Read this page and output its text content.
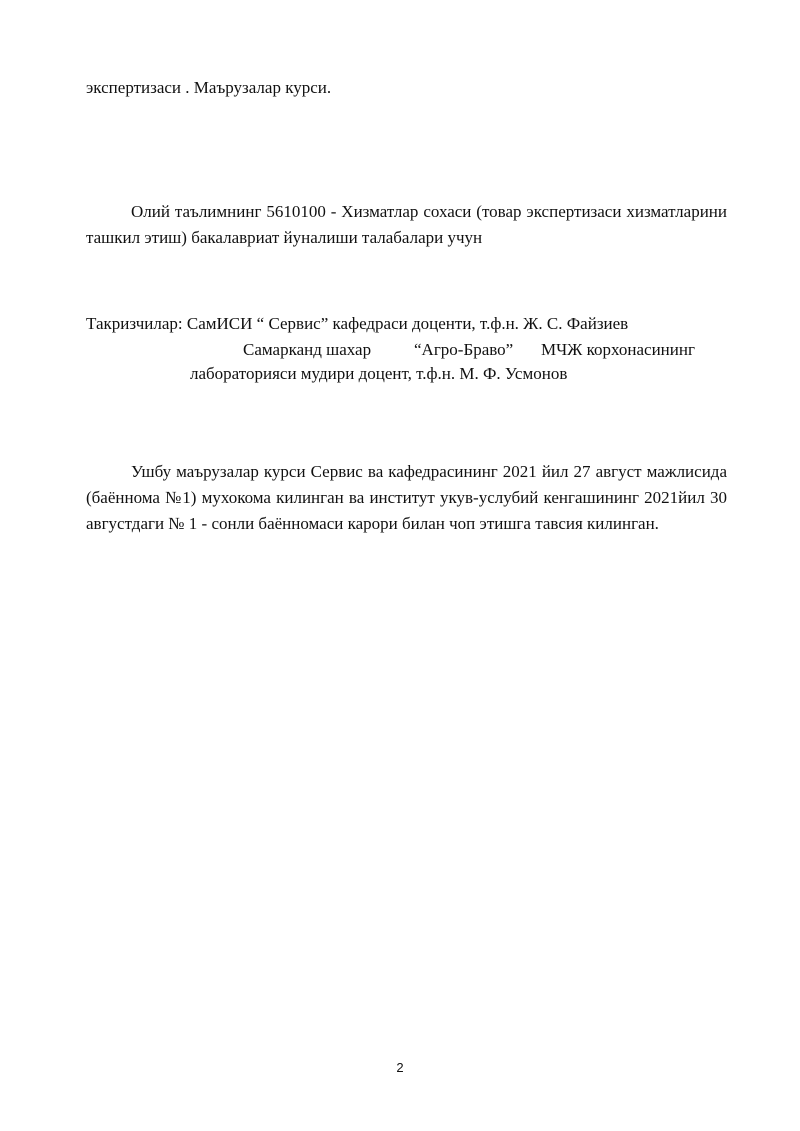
экспертизаси . Маърузалар курси.
Олий таълимнинг 5610100 - Хизматлар сохаси (товар экспертизаси хизматларини ташкил этиш) бакалавриат йуналиши талабалари учун
Такризчилар: СамИСИ “ Сервис” кафедраси доценти, т.ф.н. Ж. С. Файзиев
Самарканд шахар	“Агро-Браво” МЧЖ корхонасининг
лабораторияси мудири доцент, т.ф.н. М. Ф. Усмонов
Ушбу маърузалар курси Сервис ва кафедрасининг 2021 йил 27 август мажлисида (баённома №1) мухокома килинган ва институт укув-услубий кенгашининг 2021йил 30 августдаги № 1 - сонли баённомаси карори билан чоп этишга тавсия килинган.
2
